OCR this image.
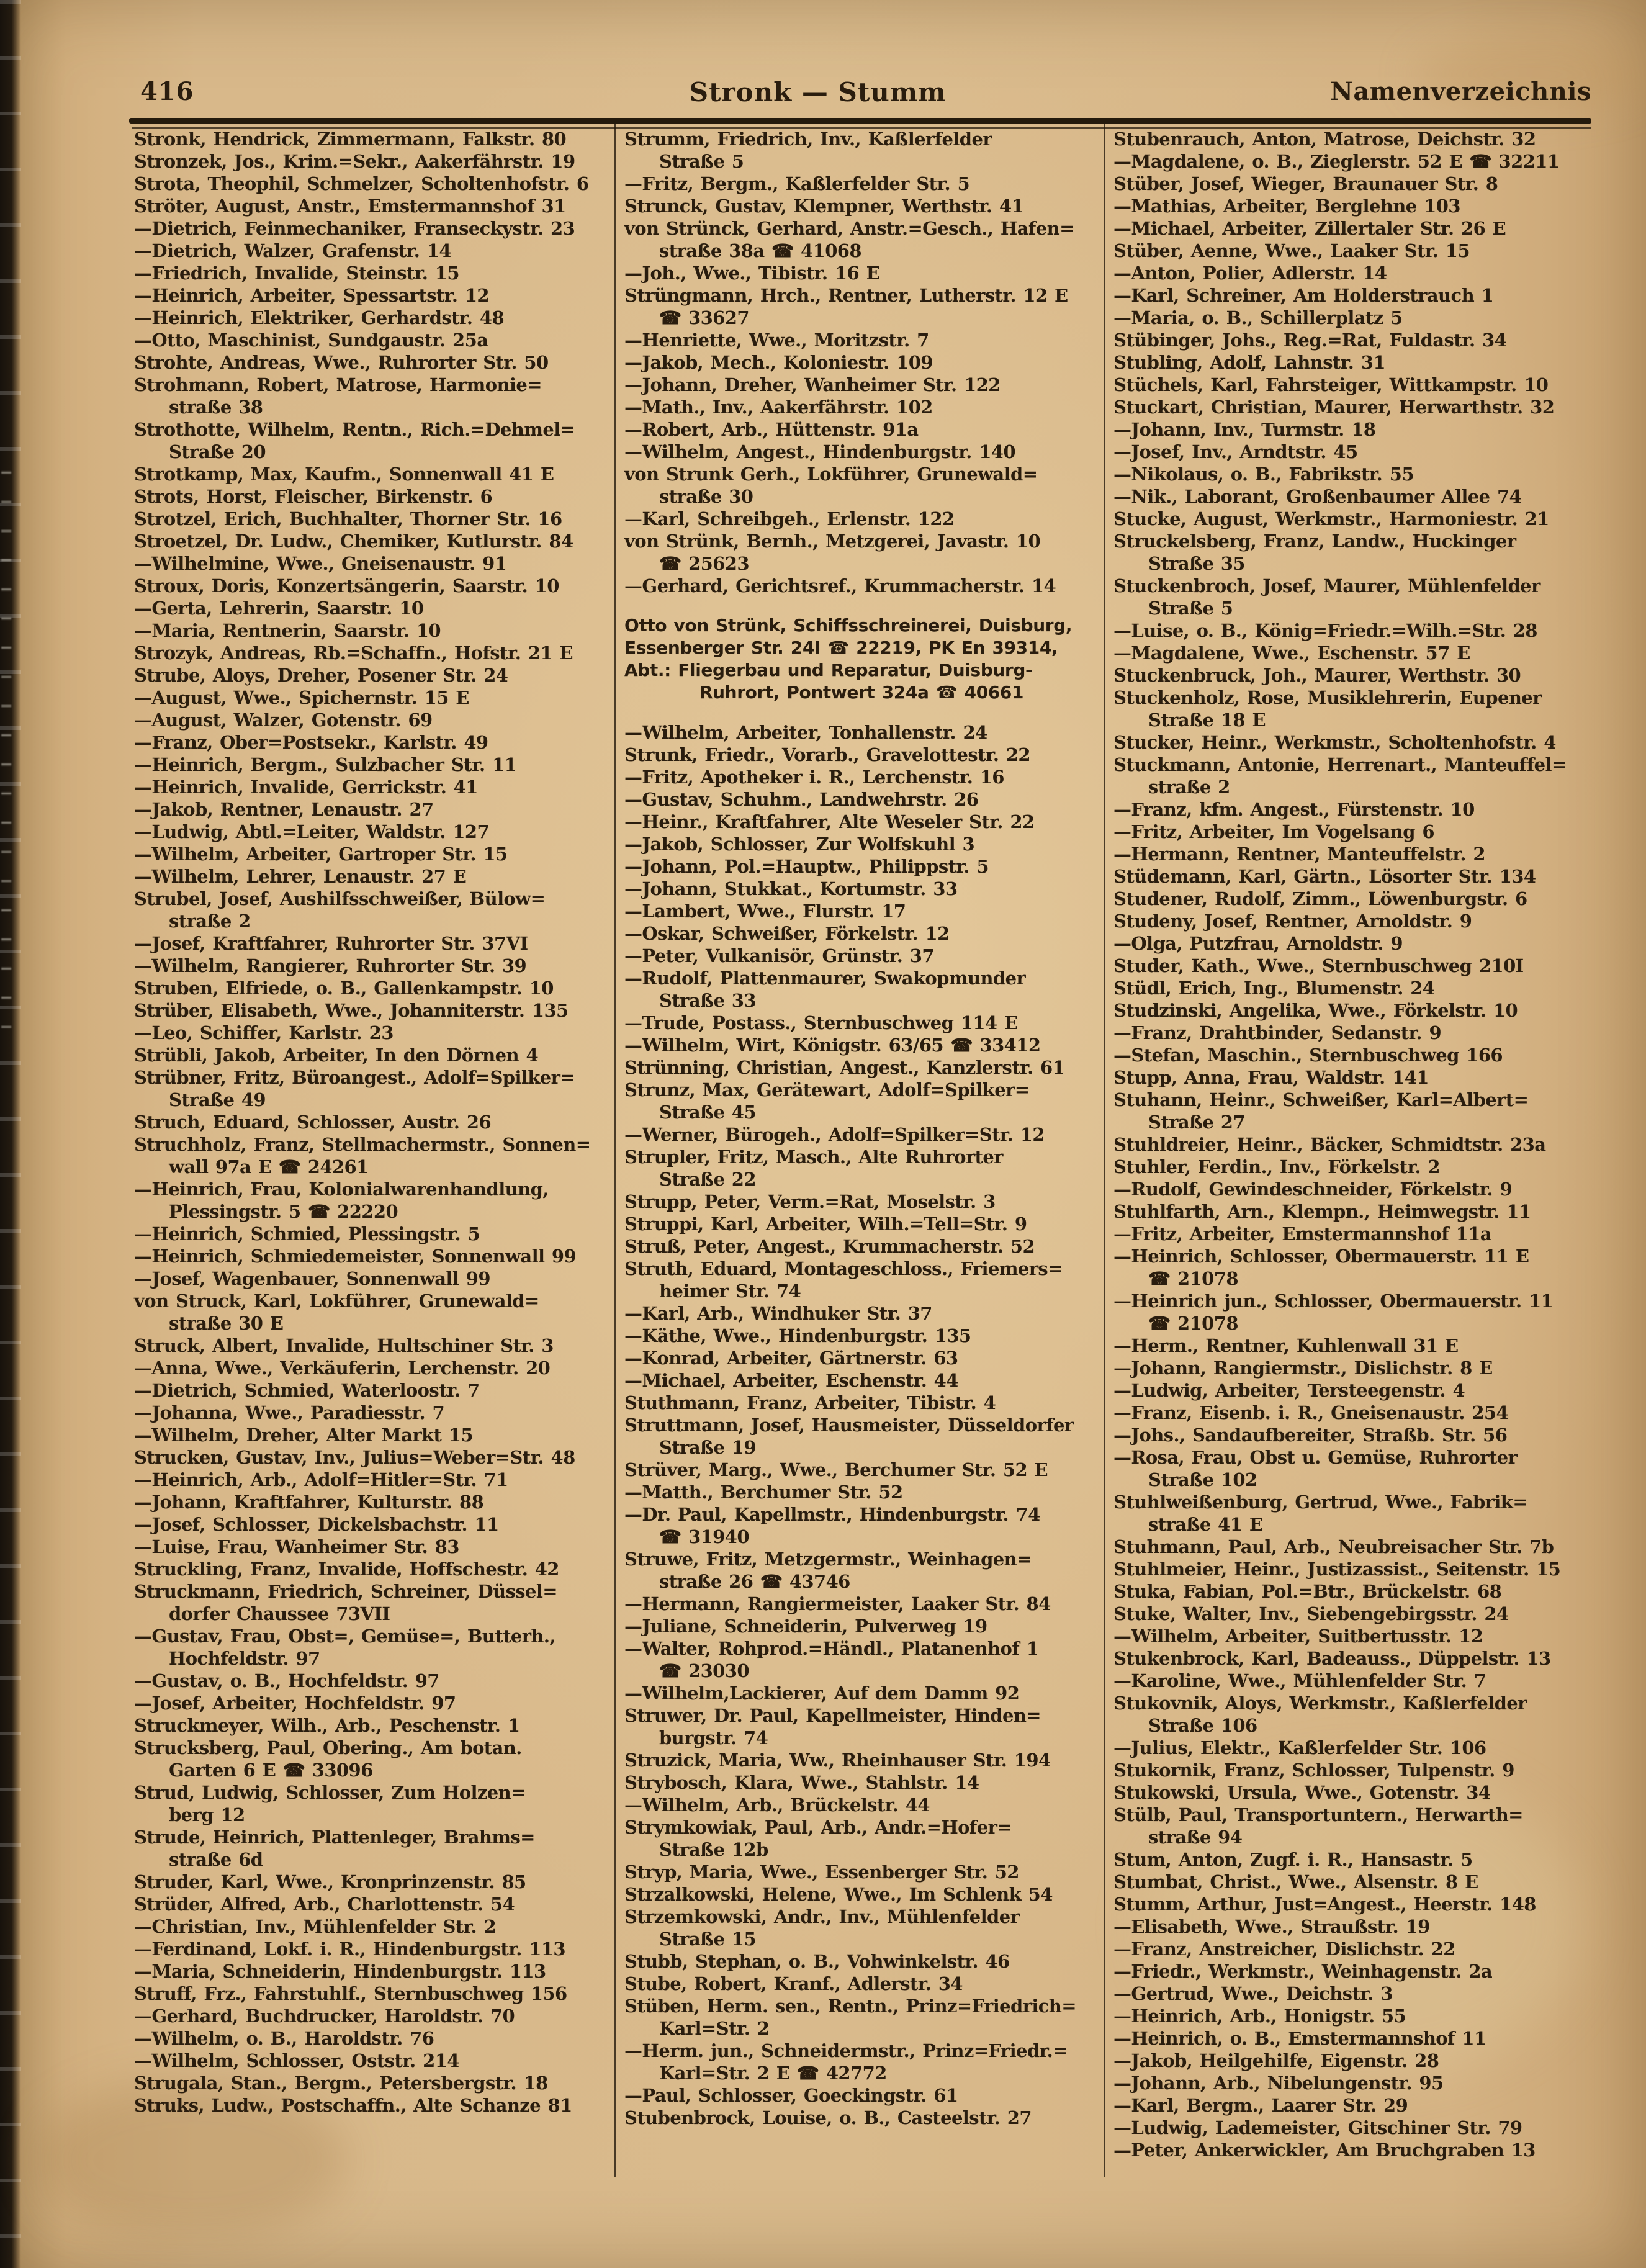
416	Stronk — Stumm	Namenverzeichnis
Stronk, Hendrick, Zimmermann, Falkstr. 80
Stronzek, Jos., Krim.=Sekr., Aakerfährstr. 19
Strota, Theophil, Schmelzer, Scholtenhofstr. 6
Ströter, August, Anstr., Emstermannshof 31
—Dietrich, Feinmechaniker, Franseckystr. 23
—Dietrich, Walzer, Grafenstr. 14
—Friedrich, Invalide, Steinstr. 15
—Heinrich, Arbeiter, Spessartstr. 12
—Heinrich, Elektriker, Gerhardstr. 48
—Otto, Maschinist, Sundgaustr. 25a
Strohte, Andreas, Wwe., Ruhrorter Str. 50
Strohmann, Robert, Matrose, Harmonie=
straße 38
Strothotte, Wilhelm, Rentn., Rich.=Dehmel=
Straße 20
Strotkamp, Max, Kaufm., Sonnenwall 41 E
Strots, Horst, Fleischer, Birkenstr. 6
Strotzel, Erich, Buchhalter, Thorner Str. 16
Stroetzel, Dr. Ludw., Chemiker, Kutlurstr. 84
—Wilhelmine, Wwe., Gneisenaustr. 91
Stroux, Doris, Konzertsängerin, Saarstr. 10
—Gerta, Lehrerin, Saarstr. 10
—Maria, Rentnerin, Saarstr. 10
Strozyk, Andreas, Rb.=Schaffn., Hofstr. 21 E
Strube, Aloys, Dreher, Posener Str. 24
—August, Wwe., Spichernstr. 15 E
—August, Walzer, Gotenstr. 69
—Franz, Ober=Postsekr., Karlstr. 49
—Heinrich, Bergm., Sulzbacher Str. 11
—Heinrich, Invalide, Gerrickstr. 41
—Jakob, Rentner, Lenaustr. 27
—Ludwig, Abtl.=Leiter, Waldstr. 127
—Wilhelm, Arbeiter, Gartroper Str. 15
—Wilhelm, Lehrer, Lenaustr. 27 E
Strubel, Josef, Aushilfsschweißer, Bülow=
straße 2
—Josef, Kraftfahrer, Ruhrorter Str. 37VI
—Wilhelm, Rangierer, Ruhrorter Str. 39
Struben, Elfriede, o. B., Gallenkampstr. 10
Strüber, Elisabeth, Wwe., Johanniterstr. 135
—Leo, Schiffer, Karlstr. 23
Strübli, Jakob, Arbeiter, In den Dörnen 4
Strübner, Fritz, Büroangest., Adolf=Spilker=
Straße 49
Struch, Eduard, Schlosser, Austr. 26
Struchholz, Franz, Stellmachermstr., Sonnen=
wall 97a E ☎ 24261
—Heinrich, Frau, Kolonialwarenhandlung,
Plessingstr. 5 ☎ 22220
—Heinrich, Schmied, Plessingstr. 5
—Heinrich, Schmiedemeister, Sonnenwall 99
—Josef, Wagenbauer, Sonnenwall 99
von Struck, Karl, Lokführer, Grunewald=
straße 30 E
Struck, Albert, Invalide, Hultschiner Str. 3
—Anna, Wwe., Verkäuferin, Lerchenstr. 20
—Dietrich, Schmied, Waterloostr. 7
—Johanna, Wwe., Paradiesstr. 7
—Wilhelm, Dreher, Alter Markt 15
Strucken, Gustav, Inv., Julius=Weber=Str. 48
—Heinrich, Arb., Adolf=Hitler=Str. 71
—Johann, Kraftfahrer, Kulturstr. 88
—Josef, Schlosser, Dickelsbachstr. 11
—Luise, Frau, Wanheimer Str. 83
Struckling, Franz, Invalide, Hoffschestr. 42
Struckmann, Friedrich, Schreiner, Düssel=
dorfer Chaussee 73VII
—Gustav, Frau, Obst=, Gemüse=, Butterh.,
Hochfeldstr. 97
—Gustav, o. B., Hochfeldstr. 97
—Josef, Arbeiter, Hochfeldstr. 97
Struckmeyer, Wilh., Arb., Peschenstr. 1
Strucksberg, Paul, Obering., Am botan.
Garten 6 E ☎ 33096
Strud, Ludwig, Schlosser, Zum Holzen=
berg 12
Strude, Heinrich, Plattenleger, Brahms=
straße 6d
Struder, Karl, Wwe., Kronprinzenstr. 85
Strüder, Alfred, Arb., Charlottenstr. 54
—Christian, Inv., Mühlenfelder Str. 2
—Ferdinand, Lokf. i. R., Hindenburgstr. 113
—Maria, Schneiderin, Hindenburgstr. 113
Struff, Frz., Fahrstuhlf., Sternbuschweg 156
—Gerhard, Buchdrucker, Haroldstr. 70
—Wilhelm, o. B., Haroldstr. 76
—Wilhelm, Schlosser, Oststr. 214
Strugala, Stan., Bergm., Petersbergstr. 18
Struks, Ludw., Postschaffn., Alte Schanze 81
Strumm, Friedrich, Inv., Kaßlerfelder
Straße 5
—Fritz, Bergm., Kaßlerfelder Str. 5
Strunck, Gustav, Klempner, Werthstr. 41
von Strünck, Gerhard, Anstr.=Gesch., Hafen=
straße 38a ☎ 41068
—Joh., Wwe., Tibistr. 16 E
Strüngmann, Hrch., Rentner, Lutherstr. 12 E
☎ 33627
—Henriette, Wwe., Moritzstr. 7
—Jakob, Mech., Koloniestr. 109
—Johann, Dreher, Wanheimer Str. 122
—Math., Inv., Aakerfährstr. 102
—Robert, Arb., Hüttenstr. 91a
—Wilhelm, Angest., Hindenburgstr. 140
von Strunk Gerh., Lokführer, Grunewald=
straße 30
—Karl, Schreibgeh., Erlenstr. 122
von Strünk, Bernh., Metzgerei, Javastr. 10
☎ 25623
—Gerhard, Gerichtsref., Krummacherstr. 14
Otto von Strünk, Schiffsschreinerei, Duisburg,
Essenberger Str. 24I ☎ 22219, PK En 39314,
Abt.: Fliegerbau und Reparatur, Duisburg-
Ruhrort, Pontwert 324a ☎ 40661
—Wilhelm, Arbeiter, Tonhallenstr. 24
Strunk, Friedr., Vorarb., Gravelottestr. 22
—Fritz, Apotheker i. R., Lerchenstr. 16
—Gustav, Schuhm., Landwehrstr. 26
—Heinr., Kraftfahrer, Alte Weseler Str. 22
—Jakob, Schlosser, Zur Wolfskuhl 3
—Johann, Pol.=Hauptw., Philippstr. 5
—Johann, Stukkat., Kortumstr. 33
—Lambert, Wwe., Flurstr. 17
—Oskar, Schweißer, Förkelstr. 12
—Peter, Vulkanisör, Grünstr. 37
—Rudolf, Plattenmaurer, Swakopmunder
Straße 33
—Trude, Postass., Sternbuschweg 114 E
—Wilhelm, Wirt, Königstr. 63/65 ☎ 33412
Strünning, Christian, Angest., Kanzlerstr. 61
Strunz, Max, Gerätewart, Adolf=Spilker=
Straße 45
—Werner, Bürogeh., Adolf=Spilker=Str. 12
Strupler, Fritz, Masch., Alte Ruhrorter
Straße 22
Strupp, Peter, Verm.=Rat, Moselstr. 3
Struppi, Karl, Arbeiter, Wilh.=Tell=Str. 9
Struß, Peter, Angest., Krummacherstr. 52
Struth, Eduard, Montageschloss., Friemers=
heimer Str. 74
—Karl, Arb., Windhuker Str. 37
—Käthe, Wwe., Hindenburgstr. 135
—Konrad, Arbeiter, Gärtnerstr. 63
—Michael, Arbeiter, Eschenstr. 44
Stuthmann, Franz, Arbeiter, Tibistr. 4
Struttmann, Josef, Hausmeister, Düsseldorfer
Straße 19
Strüver, Marg., Wwe., Berchumer Str. 52 E
—Matth., Berchumer Str. 52
—Dr. Paul, Kapellmstr., Hindenburgstr. 74
☎ 31940
Struwe, Fritz, Metzgermstr., Weinhagen=
straße 26 ☎ 43746
—Hermann, Rangiermeister, Laaker Str. 84
—Juliane, Schneiderin, Pulverweg 19
—Walter, Rohprod.=Händl., Platanenhof 1
☎ 23030
—Wilhelm,Lackierer, Auf dem Damm 92
Struwer, Dr. Paul, Kapellmeister, Hinden=
burgstr. 74
Struzick, Maria, Ww., Rheinhauser Str. 194
Strybosch, Klara, Wwe., Stahlstr. 14
—Wilhelm, Arb., Brückelstr. 44
Strymkowiak, Paul, Arb., Andr.=Hofer=
Straße 12b
Stryp, Maria, Wwe., Essenberger Str. 52
Strzalkowski, Helene, Wwe., Im Schlenk 54
Strzemkowski, Andr., Inv., Mühlenfelder
Straße 15
Stubb, Stephan, o. B., Vohwinkelstr. 46
Stube, Robert, Kranf., Adlerstr. 34
Stüben, Herm. sen., Rentn., Prinz=Friedrich=
Karl=Str. 2
—Herm. jun., Schneidermstr., Prinz=Friedr.=
Karl=Str. 2 E ☎ 42772
—Paul, Schlosser, Goeckingstr. 61
Stubenbrock, Louise, o. B., Casteelstr. 27
Stubenrauch, Anton, Matrose, Deichstr. 32
—Magdalene, o. B., Zieglerstr. 52 E ☎ 32211
Stüber, Josef, Wieger, Braunauer Str. 8
—Mathias, Arbeiter, Berglehne 103
—Michael, Arbeiter, Zillertaler Str. 26 E
Stüber, Aenne, Wwe., Laaker Str. 15
—Anton, Polier, Adlerstr. 14
—Karl, Schreiner, Am Holderstrauch 1
—Maria, o. B., Schillerplatz 5
Stübinger, Johs., Reg.=Rat, Fuldastr. 34
Stubling, Adolf, Lahnstr. 31
Stüchels, Karl, Fahrsteiger, Wittkampstr. 10
Stuckart, Christian, Maurer, Herwarthstr. 32
—Johann, Inv., Turmstr. 18
—Josef, Inv., Arndtstr. 45
—Nikolaus, o. B., Fabrikstr. 55
—Nik., Laborant, Großenbaumer Allee 74
Stucke, August, Werkmstr., Harmoniestr. 21
Struckelsberg, Franz, Landw., Huckinger
Straße 35
Stuckenbroch, Josef, Maurer, Mühlenfelder
Straße 5
—Luise, o. B., König=Friedr.=Wilh.=Str. 28
—Magdalene, Wwe., Eschenstr. 57 E
Stuckenbruck, Joh., Maurer, Werthstr. 30
Stuckenholz, Rose, Musiklehrerin, Eupener
Straße 18 E
Stucker, Heinr., Werkmstr., Scholtenhofstr. 4
Stuckmann, Antonie, Herrenart., Manteuffel=
straße 2
—Franz, kfm. Angest., Fürstenstr. 10
—Fritz, Arbeiter, Im Vogelsang 6
—Hermann, Rentner, Manteuffelstr. 2
Stüdemann, Karl, Gärtn., Lösorter Str. 134
Studener, Rudolf, Zimm., Löwenburgstr. 6
Studeny, Josef, Rentner, Arnoldstr. 9
—Olga, Putzfrau, Arnoldstr. 9
Studer, Kath., Wwe., Sternbuschweg 210I
Stüdl, Erich, Ing., Blumenstr. 24
Studzinski, Angelika, Wwe., Förkelstr. 10
—Franz, Drahtbinder, Sedanstr. 9
—Stefan, Maschin., Sternbuschweg 166
Stupp, Anna, Frau, Waldstr. 141
Stuhann, Heinr., Schweißer, Karl=Albert=
Straße 27
Stuhldreier, Heinr., Bäcker, Schmidtstr. 23a
Stuhler, Ferdin., Inv., Förkelstr. 2
—Rudolf, Gewindeschneider, Förkelstr. 9
Stuhlfarth, Arn., Klempn., Heimwegstr. 11
—Fritz, Arbeiter, Emstermannshof 11a
—Heinrich, Schlosser, Obermauerstr. 11 E
☎ 21078
—Heinrich jun., Schlosser, Obermauerstr. 11
☎ 21078
—Herm., Rentner, Kuhlenwall 31 E
—Johann, Rangiermstr., Dislichstr. 8 E
—Ludwig, Arbeiter, Tersteegenstr. 4
—Franz, Eisenb. i. R., Gneisenaustr. 254
—Johs., Sandaufbereiter, Straßb. Str. 56
—Rosa, Frau, Obst u. Gemüse, Ruhrorter
Straße 102
Stuhlweißenburg, Gertrud, Wwe., Fabrik=
straße 41 E
Stuhmann, Paul, Arb., Neubreisacher Str. 7b
Stuhlmeier, Heinr., Justizassist., Seitenstr. 15
Stuka, Fabian, Pol.=Btr., Brückelstr. 68
Stuke, Walter, Inv., Siebengebirgsstr. 24
—Wilhelm, Arbeiter, Suitbertusstr. 12
Stukenbrock, Karl, Badeauss., Düppelstr. 13
—Karoline, Wwe., Mühlenfelder Str. 7
Stukovnik, Aloys, Werkmstr., Kaßlerfelder
Straße 106
—Julius, Elektr., Kaßlerfelder Str. 106
Stukornik, Franz, Schlosser, Tulpenstr. 9
Stukowski, Ursula, Wwe., Gotenstr. 34
Stülb, Paul, Transportuntern., Herwarth=
straße 94
Stum, Anton, Zugf. i. R., Hansastr. 5
Stumbat, Christ., Wwe., Alsenstr. 8 E
Stumm, Arthur, Just=Angest., Heerstr. 148
—Elisabeth, Wwe., Straußstr. 19
—Franz, Anstreicher, Dislichstr. 22
—Friedr., Werkmstr., Weinhagenstr. 2a
—Gertrud, Wwe., Deichstr. 3
—Heinrich, Arb., Honigstr. 55
—Heinrich, o. B., Emstermannshof 11
—Jakob, Heilgehilfe, Eigenstr. 28
—Johann, Arb., Nibelungenstr. 95
—Karl, Bergm., Laarer Str. 29
—Ludwig, Lademeister, Gitschiner Str. 79
—Peter, Ankerwickler, Am Bruchgraben 13
